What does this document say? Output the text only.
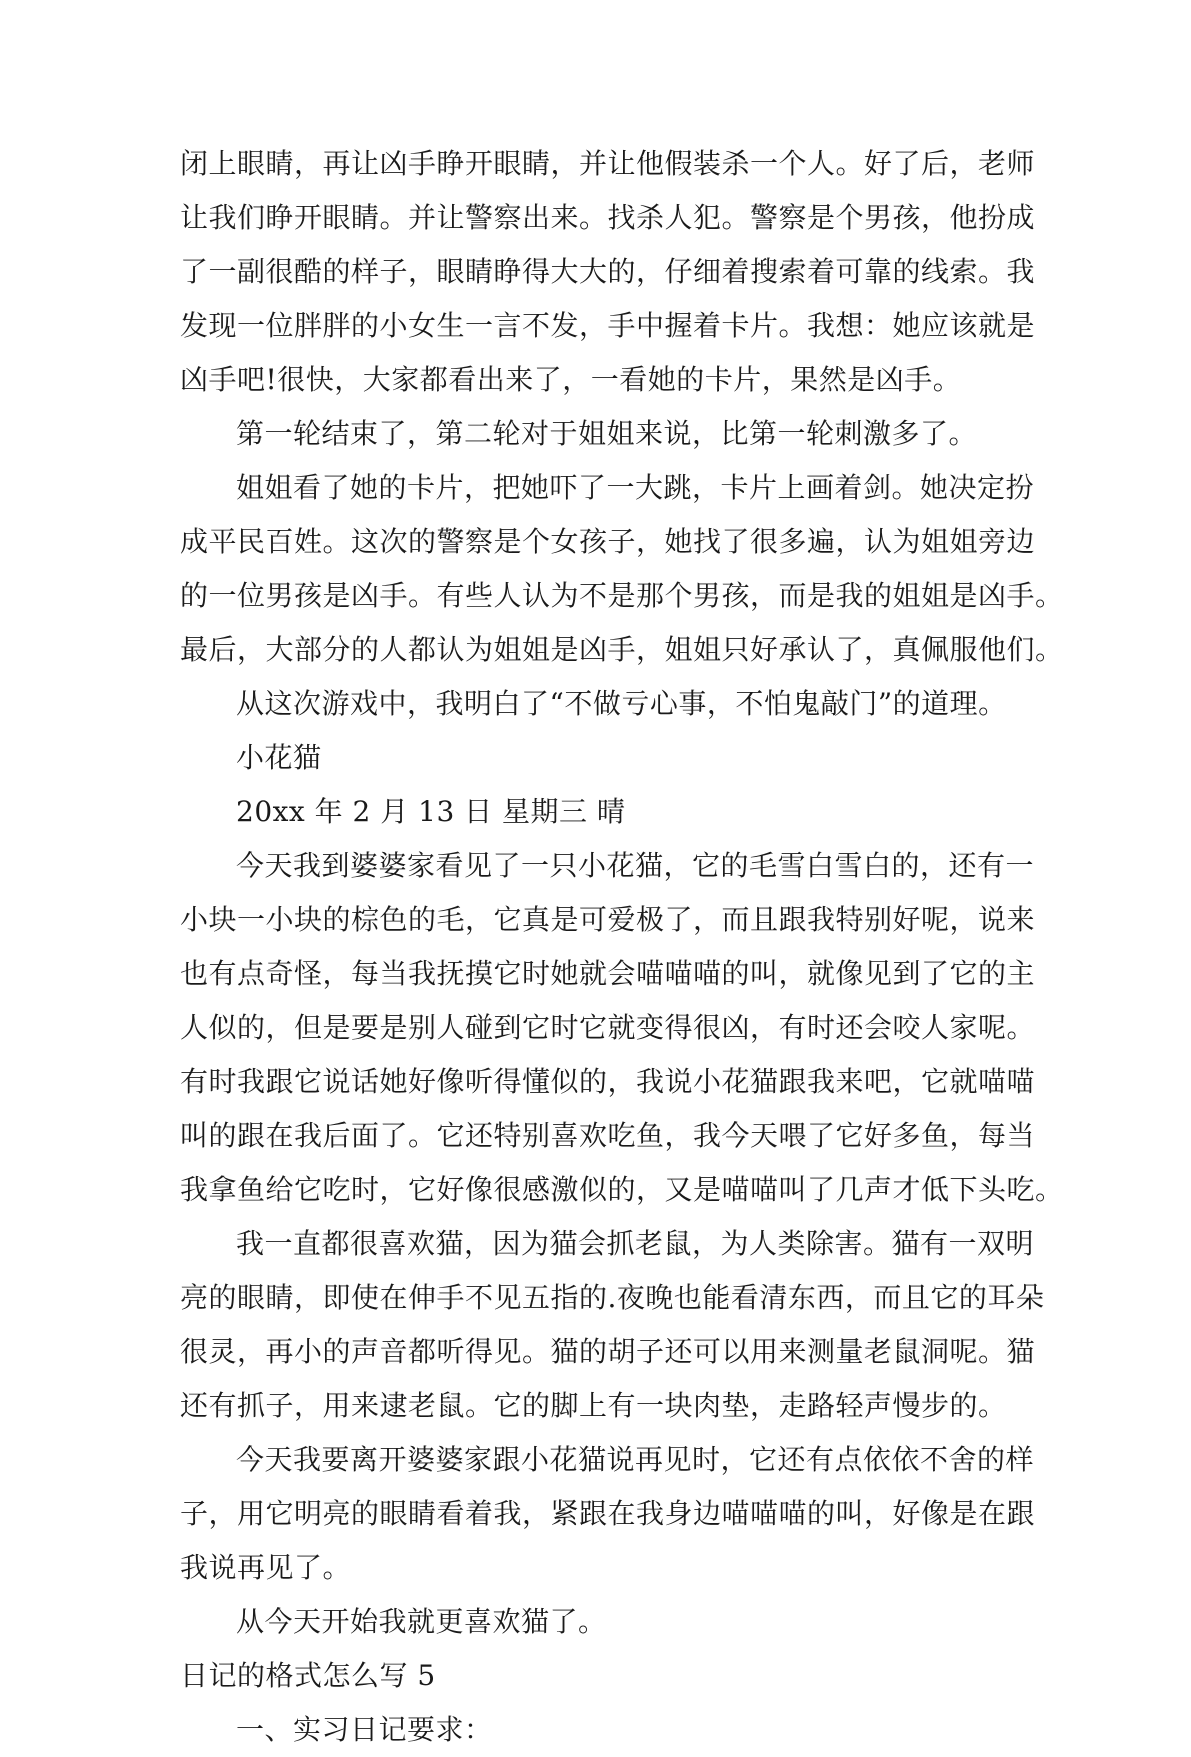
闭上眼睛，再让凶手睁开眼睛，并让他假装杀一个人。好了后，老师
让我们睁开眼睛。并让警察出来。找杀人犯。警察是个男孩，他扮成
了一副很酷的样子，眼睛睁得大大的，仔细着搜索着可靠的线索。我
发现一位胖胖的小女生一言不发，手中握着卡片。我想：她应该就是
凶手吧!很快，大家都看出来了，一看她的卡片，果然是凶手。
第一轮结束了，第二轮对于姐姐来说，比第一轮刺激多了。
姐姐看了她的卡片，把她吓了一大跳，卡片上画着剑。她决定扮
成平民百姓。这次的警察是个女孩子，她找了很多遍，认为姐姐旁边
的一位男孩是凶手。有些人认为不是那个男孩，而是我的姐姐是凶手。
最后，大部分的人都认为姐姐是凶手，姐姐只好承认了，真佩服他们。
从这次游戏中，我明白了“不做亏心事，不怕鬼敲门”的道理。
小花猫
20xx 年 2 月 13 日 星期三 晴
今天我到婆婆家看见了一只小花猫，它的毛雪白雪白的，还有一
小块一小块的棕色的毛，它真是可爱极了，而且跟我特别好呢，说来
也有点奇怪，每当我抚摸它时她就会喵喵喵的叫，就像见到了它的主
人似的，但是要是别人碰到它时它就变得很凶，有时还会咬人家呢。
有时我跟它说话她好像听得懂似的，我说小花猫跟我来吧，它就喵喵
叫的跟在我后面了。它还特别喜欢吃鱼，我今天喂了它好多鱼，每当
我拿鱼给它吃时，它好像很感激似的，又是喵喵叫了几声才低下头吃。
我一直都很喜欢猫，因为猫会抓老鼠，为人类除害。猫有一双明
亮的眼睛，即使在伸手不见五指的.夜晚也能看清东西，而且它的耳朵
很灵，再小的声音都听得见。猫的胡子还可以用来测量老鼠洞呢。猫
还有抓子，用来逮老鼠。它的脚上有一块肉垫，走路轻声慢步的。
今天我要离开婆婆家跟小花猫说再见时，它还有点依依不舍的样
子，用它明亮的眼睛看着我，紧跟在我身边喵喵喵的叫，好像是在跟
我说再见了。
从今天开始我就更喜欢猫了。
日记的格式怎么写 5
一、实习日记要求：
